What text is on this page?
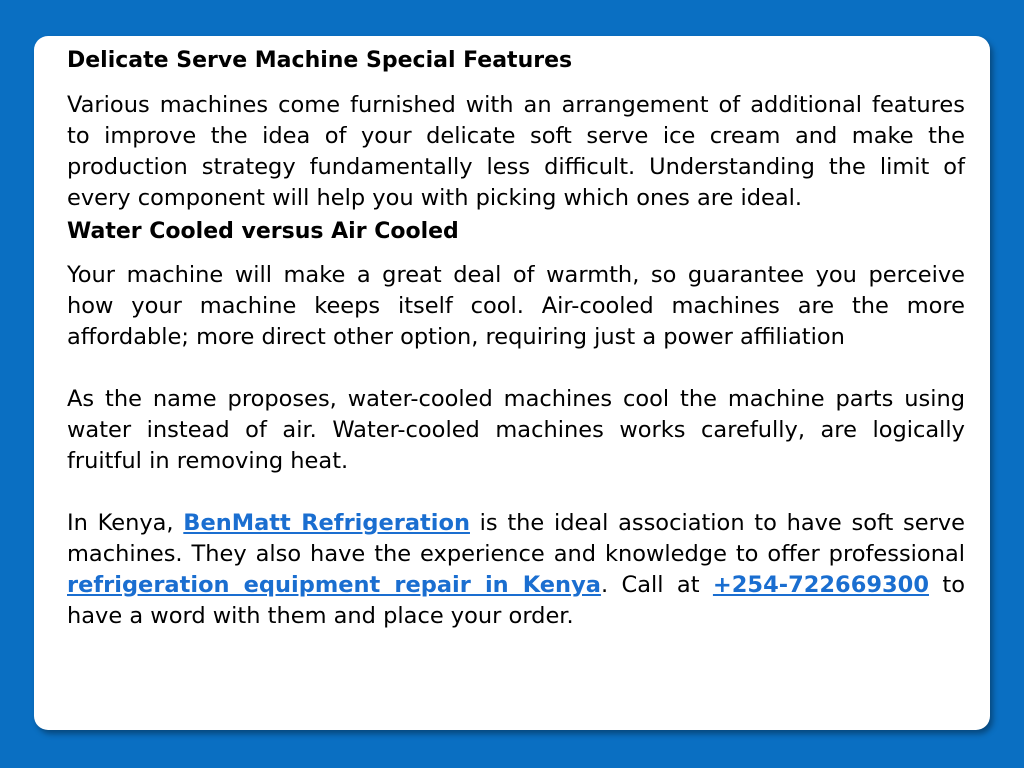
Delicate Serve Machine Special Features

Various machines come furnished with an arrangement of additional features to improve the idea of your delicate soft serve ice cream and make the production strategy fundamentally less difficult. Understanding the limit of every component will help you with picking which ones are ideal.

Water Cooled versus Air Cooled

Your machine will make a great deal of warmth, so guarantee you perceive how your machine keeps itself cool. Air-cooled machines are the more affordable; more direct other option, requiring just a power affiliation

As the name proposes, water-cooled machines cool the machine parts using water instead of air. Water-cooled machines works carefully, are logically fruitful in removing heat.

In Kenya, BenMatt Refrigeration is the ideal association to have soft serve machines. They also have the experience and knowledge to offer professional refrigeration equipment repair in Kenya. Call at +254-722669300 to have a word with them and place your order.
